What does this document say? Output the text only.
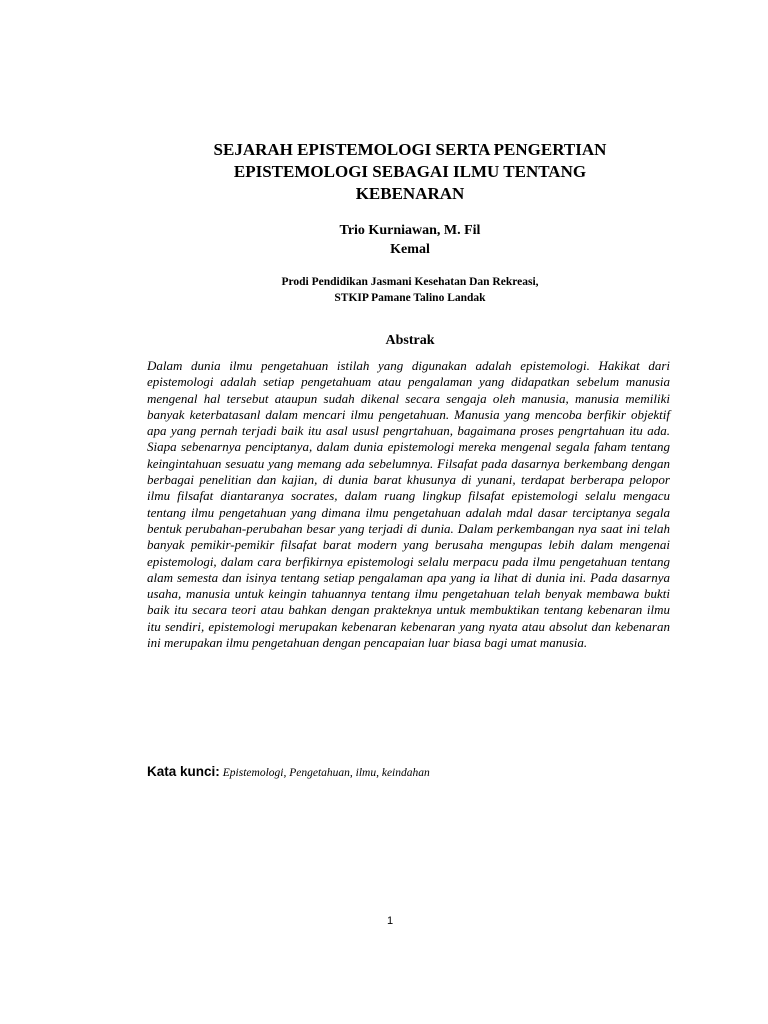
SEJARAH EPISTEMOLOGI SERTA PENGERTIAN
EPISTEMOLOGI SEBAGAI ILMU TENTANG
KEBENARAN
Trio Kurniawan, M. Fil
Kemal
Prodi Pendidikan Jasmani Kesehatan Dan Rekreasi,
STKIP Pamane Talino Landak
Abstrak

Dalam dunia ilmu pengetahuan istilah yang digunakan adalah epistemologi. Hakikat dari epistemologi adalah setiap pengetahuam atau pengalaman yang didapatkan sebelum manusia mengenal hal tersebut ataupun sudah dikenal secara sengaja oleh manusia, manusia memiliki banyak keterbatasanl dalam mencari ilmu pengetahuan. Manusia yang mencoba berfikir objektif apa yang pernah terjadi baik itu asal ususl pengrtahuan, bagaimana proses pengrtahuan itu ada. Siapa sebenarnya penciptanya, dalam dunia epistemologi mereka mengenal segala faham tentang keingintahuan sesuatu yang memang ada sebelumnya. Filsafat pada dasarnya berkembang dengan berbagai penelitian dan kajian, di dunia barat khusunya di yunani, terdapat berberapa pelopor ilmu filsafat diantaranya socrates, dalam ruang lingkup filsafat epistemologi selalu mengacu tentang ilmu pengetahuan yang dimana ilmu pengetahuan adalah mdal dasar terciptanya segala bentuk perubahan-perubahan besar yang terjadi di dunia. Dalam perkembangan nya saat ini telah banyak pemikir-pemikir filsafat barat modern yang berusaha mengupas lebih dalam mengenai epistemologi, dalam cara berfikirnya epistemologi selalu merpacu pada ilmu pengetahuan tentang alam semesta dan isinya tentang setiap pengalaman apa yang ia lihat di dunia ini. Pada dasarnya usaha, manusia untuk keingin tahuannya tentang ilmu pengetahuan telah benyak membawa bukti baik itu secara teori atau bahkan dengan prakteknya untuk membuktikan tentang kebenaran ilmu itu sendiri, epistemologi merupakan kebenaran kebenaran yang nyata atau absolut dan kebenaran ini merupakan ilmu pengetahuan dengan pencapaian luar biasa bagi umat manusia.

Kata kunci: Epistemologi, Pengetahuan, ilmu, keindahan
1
